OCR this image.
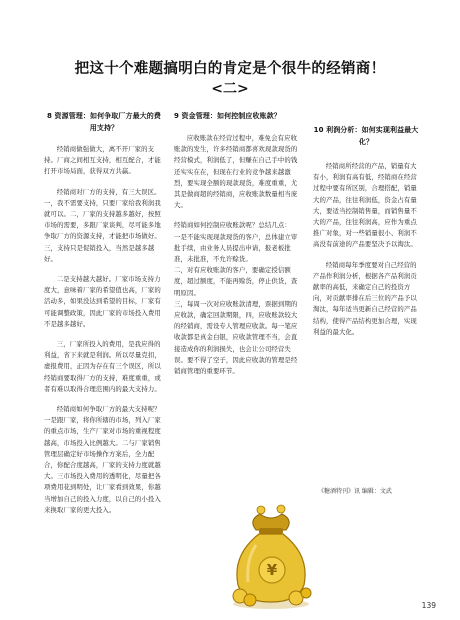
把这十个难题搞明白的肯定是个很牛的经销商！
<二>
8 资源管理：如何争取厂方最大的费用支持？

经销商做强做大，离不开厂家的支持。厂商之间相互支持，相互配合，才能打开市场局面，获得双方共赢。

经销商对厂方的支持，有三大误区。一，我不需要支持，只要厂家给我利润我就可以。二，厂家的支持越多越好，按照市场的需要，多跟厂家谈判，尽可能多地争取厂方的资源支持，才能把市场做好。三，支持只是促销投入，当然是越多越好。

二是支持越大越好。厂家市场支持力度大，意味着厂家的希望值也高，厂家的活动多，如果没达到希望的目标，厂家有可能调整政策，因此厂家的市场投入费用不是越多越好。

三，厂家所投入的费用，是我应得的利益，省下来就是利润。所以尽量克扣，虚报费用，正因为存在有三个误区，所以经销商要取得厂方的支持，难度重重，或者有难以取得合理范围内的最大支持力。

经销商如何争取厂方的最大支持呢？一是跟厂家，将你所辖的市场，列入厂家的重点市场，生产厂家对市场的重视程度越高，市场投入比例越大。二与厂家销售管理层确定好市场操作方案后，全力配合，你配合度越高，厂家的支持力度就越大。三市场投入费用的透明化，尽量把各项费用花到明处，让厂家看到效果，你越当增加自己的投入力度，以自己的小投入来换取厂家的更大投入。

9 资金管理：如何控制应收账款？

应收账款在经营过程中，难免会有应收账款的发生，许多经销商都喜欢现款现货的经营模式，利润低了，但赚在自己手中的钱还实实在在，但现在行业的竞争越来越激烈，要实现全额的现款现货，难度重重，尤其是做商超的经销商，应收账款数量相当庞大。

经销商如何控制应收账款呢？总结几点：

一是不能实现现款现货的客户，总体建立审批手续，由业务人员提出申请，报老板批准，未批准，不允许赊货。

二，对有应收账款的客户，要确定授信额度，超过额度，不能再赊货，停止供货，查明原因。

三，每周一次对应收账款清理，票据到期的应收款，确定回款期限，四，应收账款较大的经销商，需设专人管理应收款。每一笔应收款都是真金白银，应收款管理不当，会直接造成你的利润损失，也会让公司经营失误。要不得了空子，因此应收款的管理是经销商管理的重要环节。

10 利润分析：如何实现利益最大化？

经销商所经营的产品，销量有大有小，利润有高有低，经销商在经营过程中要有所区别，合理搭配，销量大的产品，往往利润低，资金占有量大，要适当控制销售量，而销售量不大的产品，往往利润高，应作为重点推广对象，对一些销量很小、利润不高没有前途的产品要坚决予以淘汰。

经销商每年季度要对自己经营的产品作利润分析，根据各产品利润贡献率的高低，来确定自己的投资方向，对贡献率排在后三位的产品予以淘汰，每年适当更新自己经营的产品结构，使得产品结构更加合理，实现利益的最大化。

《糖酒特刊》讯 编辑：文武
¥
139
